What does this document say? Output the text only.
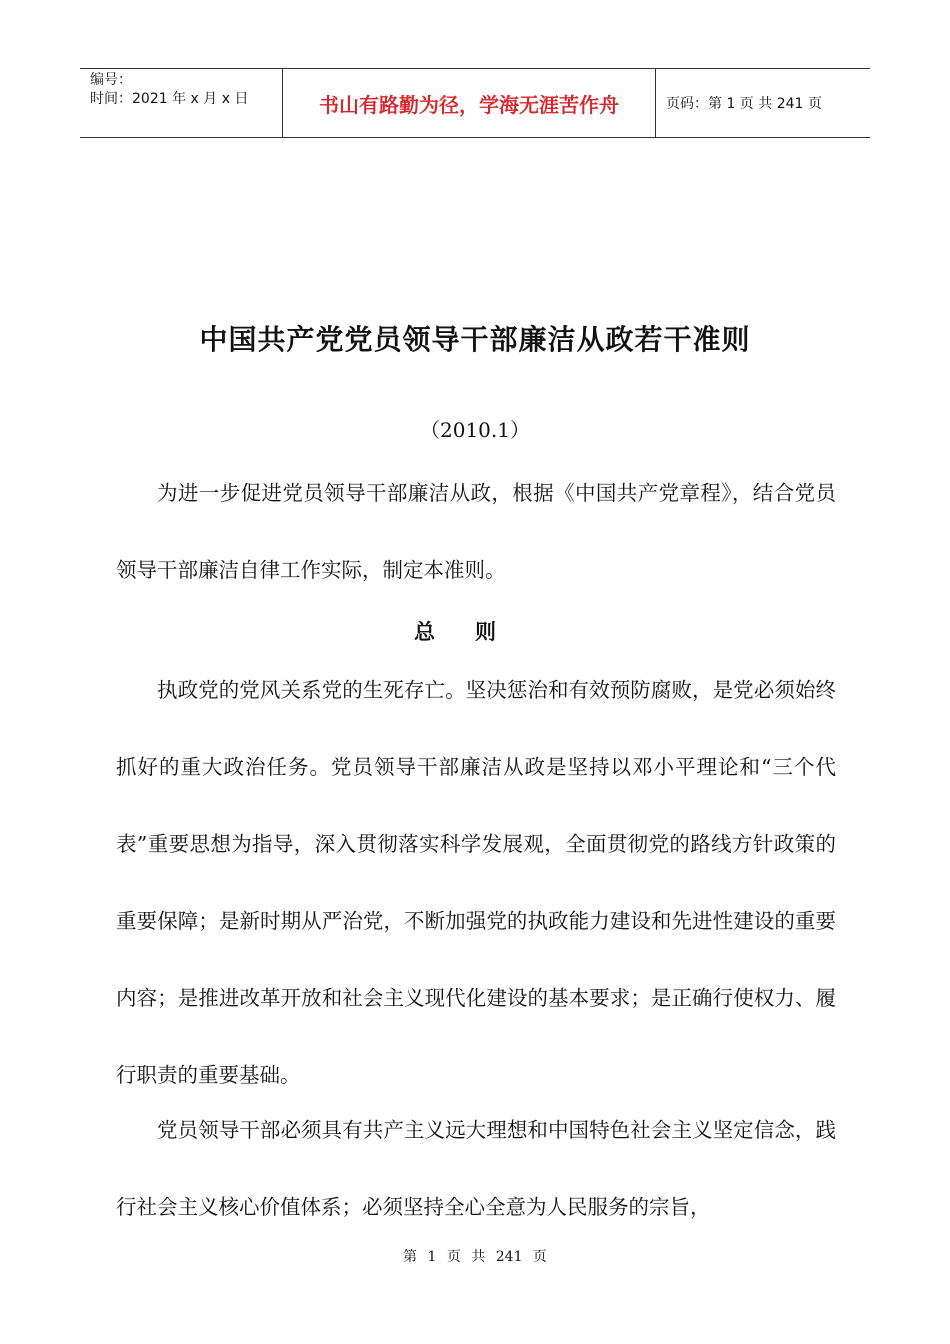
编号：
时间：2021 年 x 月 x 日	书山有路勤为径，学海无涯苦作舟	页码：第 1 页 共 241 页
中国共产党党员领导干部廉洁从政若干准则
（2010.1）

为进一步促进党员领导干部廉洁从政，根据《中国共产党章程》，结合党员领导干部廉洁自律工作实际，制定本准则。

总则

执政党的党风关系党的生死存亡。坚决惩治和有效预防腐败，是党必须始终抓好的重大政治任务。党员领导干部廉洁从政是坚持以邓小平理论和“三个代表”重要思想为指导，深入贯彻落实科学发展观，全面贯彻党的路线方针政策的重要保障；是新时期从严治党，不断加强党的执政能力建设和先进性建设的重要内容；是推进改革开放和社会主义现代化建设的基本要求；是正确行使权力、履行职责的重要基础。

党员领导干部必须具有共产主义远大理想和中国特色社会主义坚定信念，践行社会主义核心价值体系；必须坚持全心全意为人民服务的宗旨，

第 1 页 共 241 页
